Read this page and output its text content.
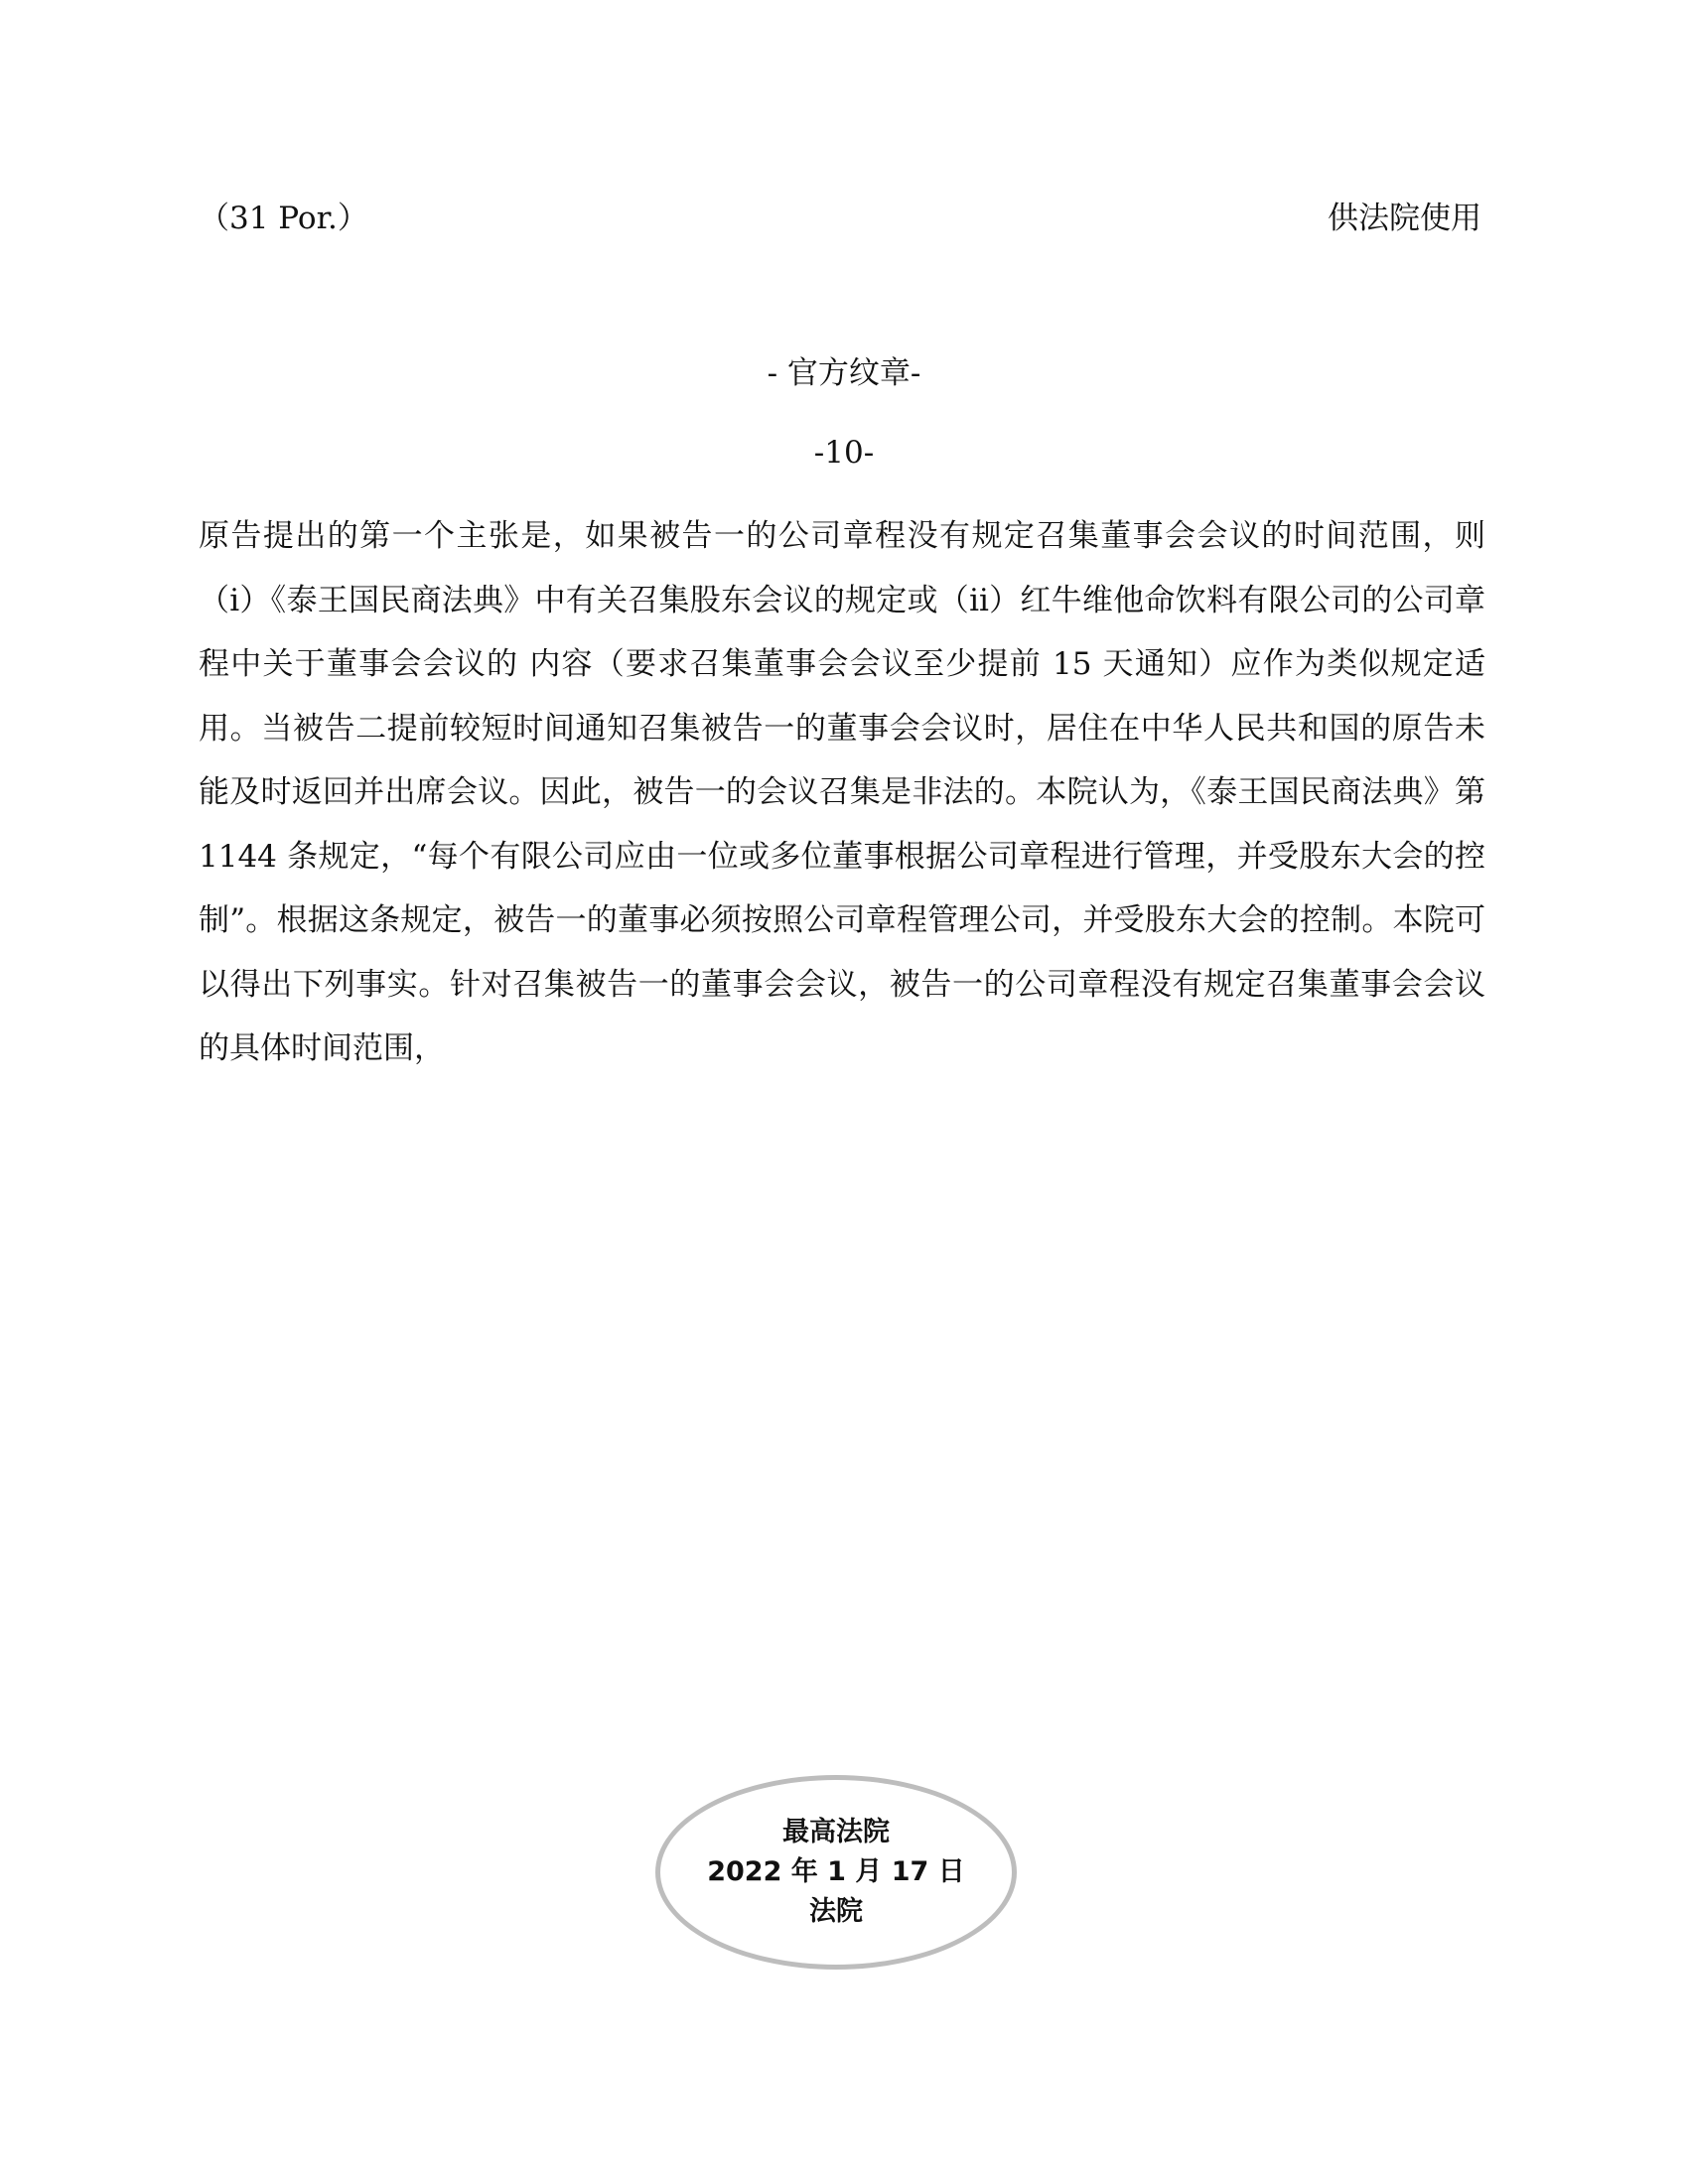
（31 Por.）	供法院使用
- 官方纹章-
-10-

原告提出的第一个主张是，如果被告一的公司章程没有规定召集董事会会议的时间范围，则（i）《泰王国民商法典》中有关召集股东会议的规定或（ii）红牛维他命饮料有限公司的公司章程中关于董事会会议的 内容（要求召集董事会会议至少提前 15 天通知）应作为类似规定适用。当被告二提前较短时间通知召集被告一的董事会会议时，居住在中华人民共和国的原告未能及时返回并出席会议。因此，被告一的会议召集是非法的。本院认为，《泰王国民商法典》第 1144 条规定，“每个有限公司应由一位或多位董事根据公司章程进行管理，并受股东大会的控制”。根据这条规定，被告一的董事必须按照公司章程管理公司，并受股东大会的控制。本院可以得出下列事实。针对召集被告一的董事会会议，被告一的公司章程没有规定召集董事会会议的具体时间范围，

最高法院
2022 年 1 月 17 日
法院
